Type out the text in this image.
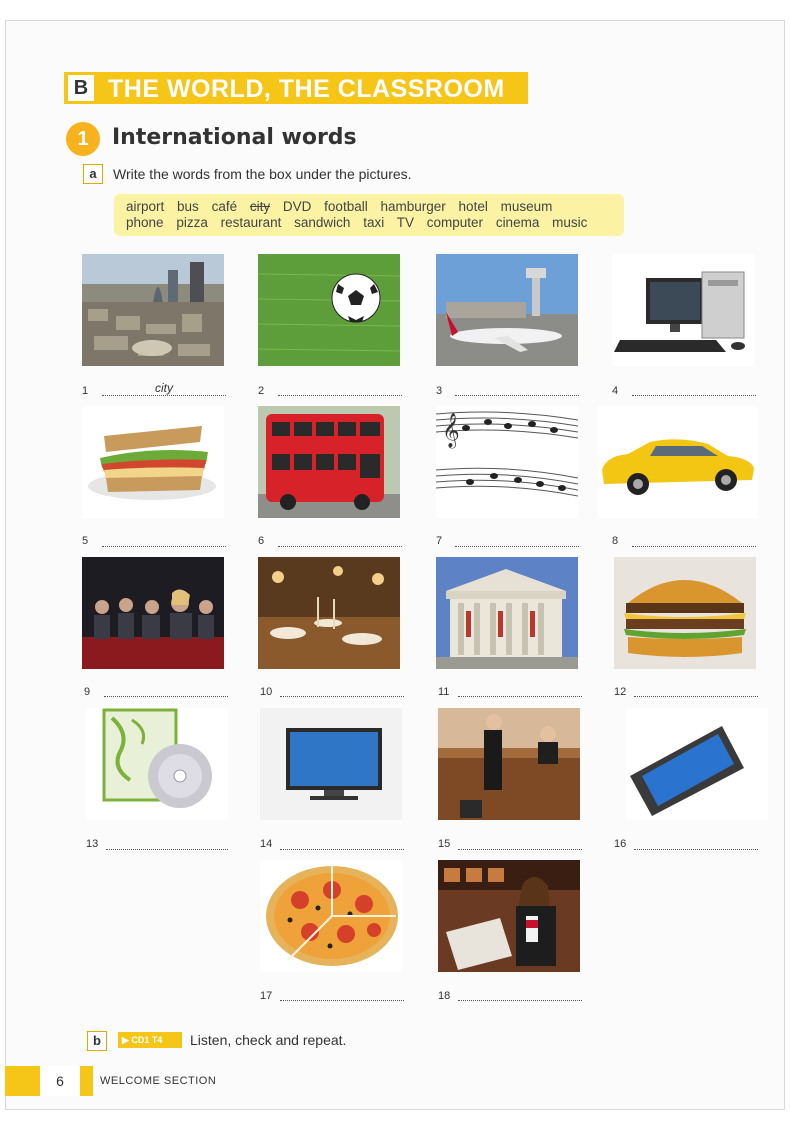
B THE WORLD, THE CLASSROOM
1	International words
a	Write the words from the box under the pictures.
airport bus café city DVD football hamburger hotel museum
phone pizza restaurant sandwich taxi TV computer cinema music
1	city	2	3	4
𝄞
5	6	7	8
9	10	11	12
13	14	15	16
17	18
b	▶ CD1 T4	Listen, check and repeat.
6	WELCOME SECTION
